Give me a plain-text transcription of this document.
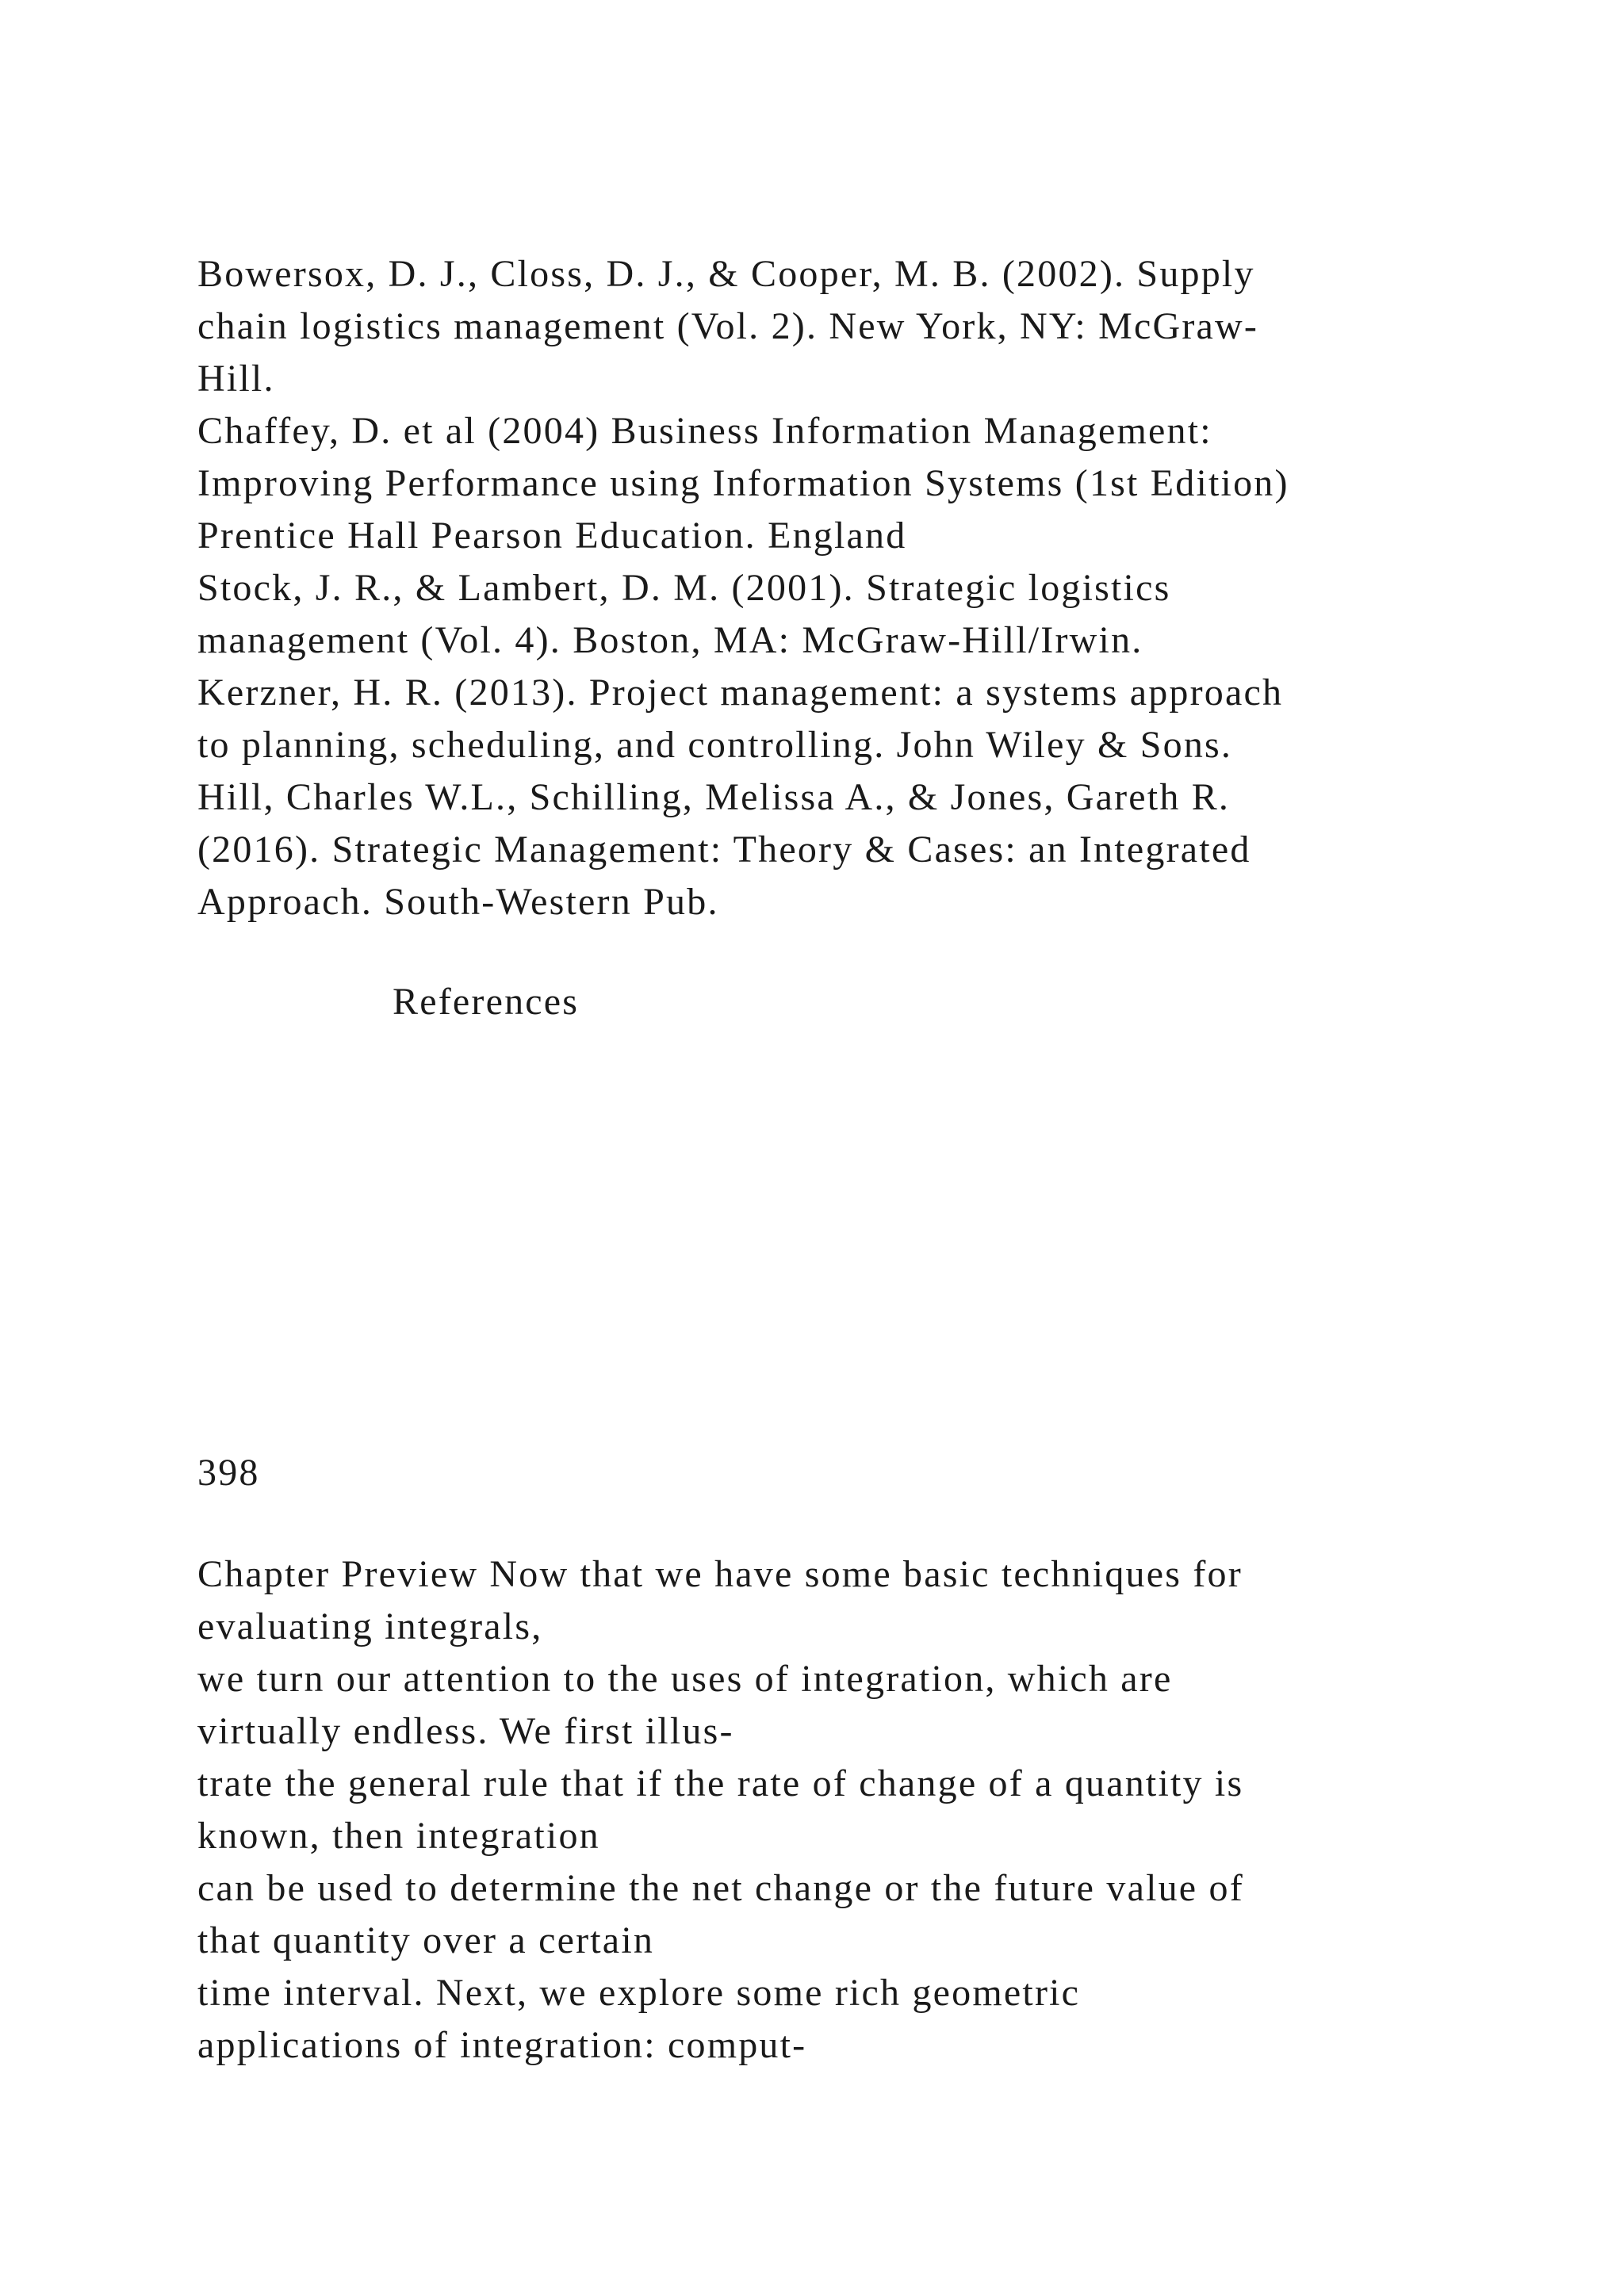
Bowersox, D. J., Closs, D. J., & Cooper, M. B. (2002). Supply
chain logistics management (Vol. 2). New York, NY: McGraw-
Hill.
Chaffey, D. et al (2004) Business Information Management:
Improving Performance using Information Systems (1st Edition)
Prentice Hall Pearson Education. England
Stock, J. R., & Lambert, D. M. (2001). Strategic logistics
management (Vol. 4). Boston, MA: McGraw-Hill/Irwin.
Kerzner, H. R. (2013). Project management: a systems approach
to planning, scheduling, and controlling. John Wiley & Sons.
Hill, Charles W.L., Schilling, Melissa A., & Jones, Gareth R.
(2016). Strategic Management: Theory & Cases: an Integrated
Approach. South-Western Pub.
References
398
Chapter Preview Now that we have some basic techniques for
evaluating integrals,
we turn our attention to the uses of integration, which are
virtually endless. We first illus-
trate the general rule that if the rate of change of a quantity is
known, then integration
can be used to determine the net change or the future value of
that quantity over a certain
time interval. Next, we explore some rich geometric
applications of integration: comput-
